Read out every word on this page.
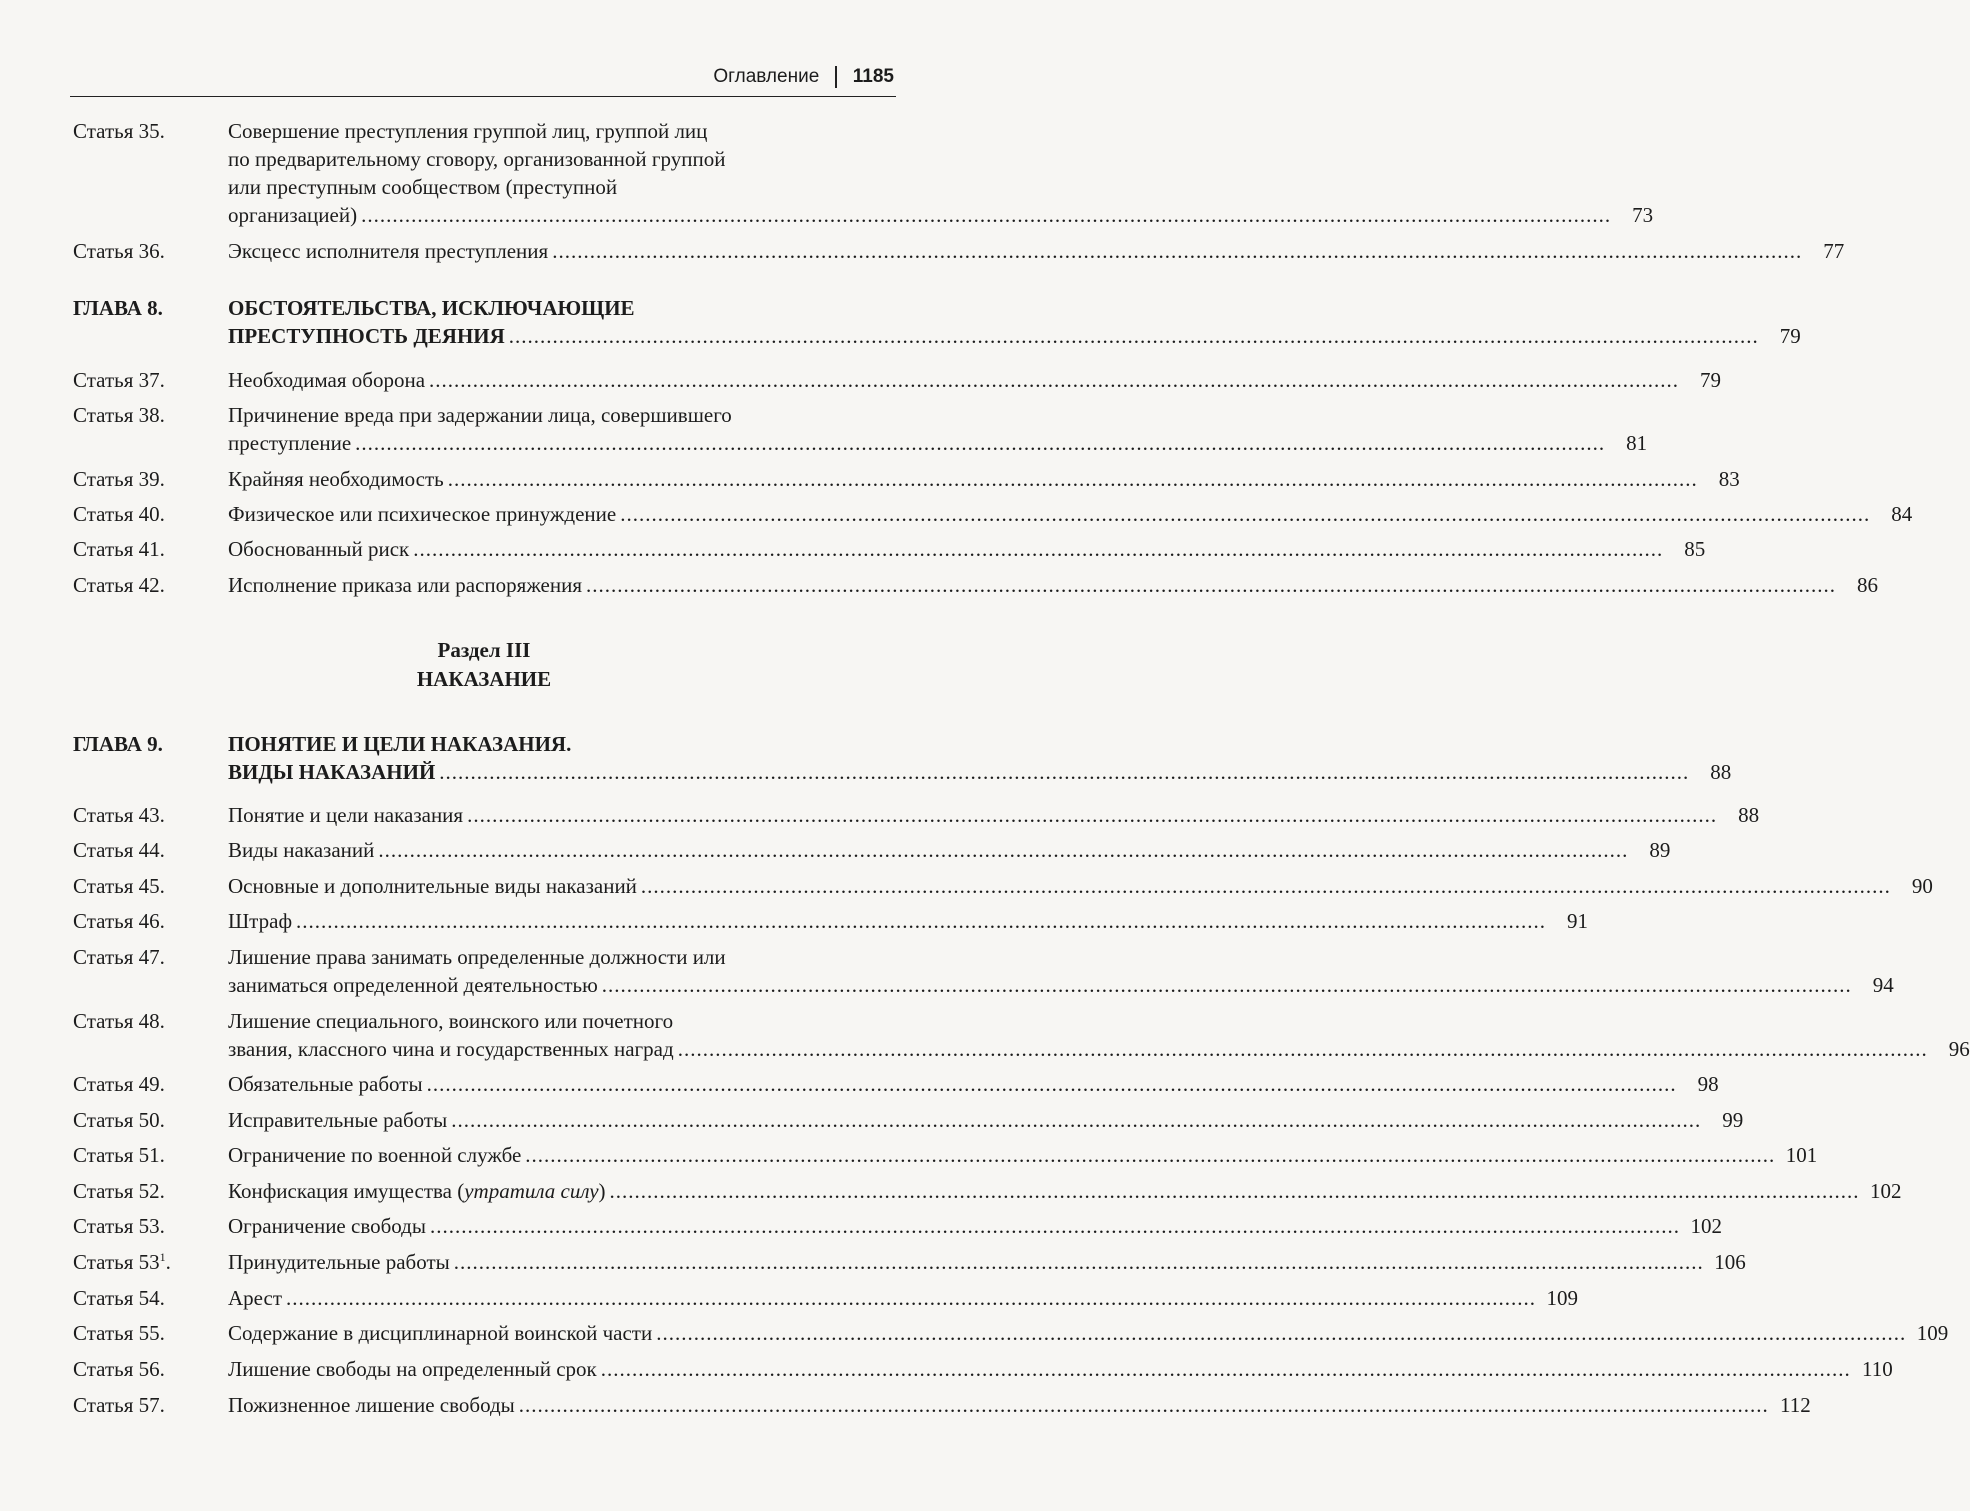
Оглавление 1185
Раздел III
НАКАЗАНИЕ
Статья 35.	Совершение преступления группой лиц, группой лиц
по предварительному сговору, организованной группой
или преступным сообществом (преступной
организацией) ........................................................................................................................................................................................................	73
Статья 36.	Эксцесс исполнителя преступления ........................................................................................................................................................................................................	77
ГЛАВА 8.	ОБСТОЯТЕЛЬСТВА, ИСКЛЮЧАЮЩИЕ
ПРЕСТУПНОСТЬ ДЕЯНИЯ ........................................................................................................................................................................................................	79
Статья 37.	Необходимая оборона ........................................................................................................................................................................................................	79
Статья 38.	Причинение вреда при задержании лица, совершившего
преступление ........................................................................................................................................................................................................	81
Статья 39.	Крайняя необходимость ........................................................................................................................................................................................................	83
Статья 40.	Физическое или психическое принуждение ........................................................................................................................................................................................................	84
Статья 41.	Обоснованный риск ........................................................................................................................................................................................................	85
Статья 42.	Исполнение приказа или распоряжения ........................................................................................................................................................................................................	86
ГЛАВА 9.	ПОНЯТИЕ И ЦЕЛИ НАКАЗАНИЯ.
ВИДЫ НАКАЗАНИЙ ........................................................................................................................................................................................................	88
Статья 43.	Понятие и цели наказания ........................................................................................................................................................................................................	88
Статья 44.	Виды наказаний ........................................................................................................................................................................................................	89
Статья 45.	Основные и дополнительные виды наказаний ........................................................................................................................................................................................................	90
Статья 46.	Штраф ........................................................................................................................................................................................................	91
Статья 47.	Лишение права занимать определенные должности или
заниматься определенной деятельностью ........................................................................................................................................................................................................	94
Статья 48.	Лишение специального, воинского или почетного
звания, классного чина и государственных наград ........................................................................................................................................................................................................	96
Статья 49.	Обязательные работы ........................................................................................................................................................................................................	98
Статья 50.	Исправительные работы ........................................................................................................................................................................................................	99
Статья 51.	Ограничение по военной службе ........................................................................................................................................................................................................ 101
Статья 52.	Конфискация имущества (утратила силу) ........................................................................................................................................................................................................ 102
Статья 53.	Ограничение свободы ........................................................................................................................................................................................................ 102
Статья $53^1$.	Принудительные работы ........................................................................................................................................................................................................ 106
Статья 54.	Арест ........................................................................................................................................................................................................ 109
Статья 55.	Содержание в дисциплинарной воинской части ........................................................................................................................................................................................................ 109
Статья 56.	Лишение свободы на определенный срок ........................................................................................................................................................................................................ 110
Статья 57.	Пожизненное лишение свободы ........................................................................................................................................................................................................ 112
